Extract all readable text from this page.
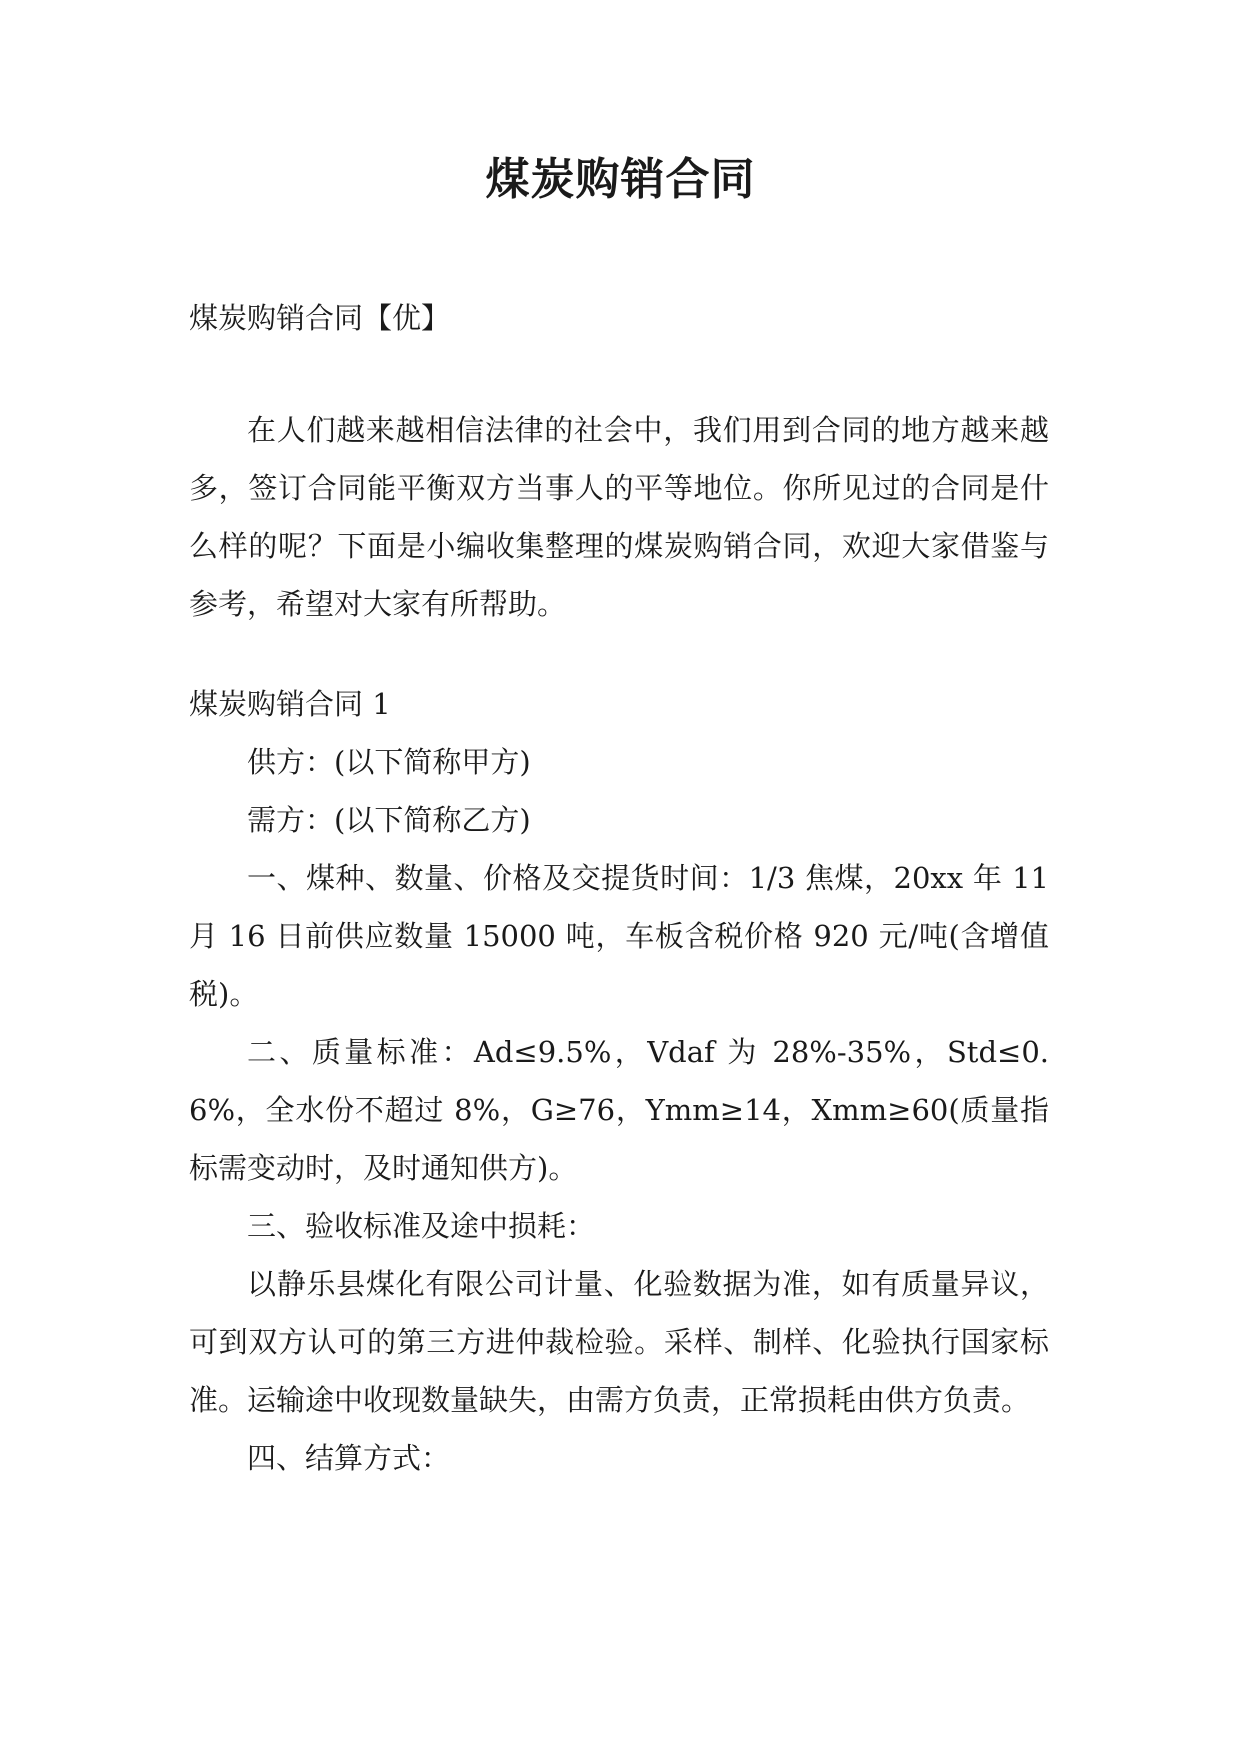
煤炭购销合同

煤炭购销合同【优】

在人们越来越相信法律的社会中，我们用到合同的地方越来越多，签订合同能平衡双方当事人的平等地位。你所见过的合同是什么样的呢？下面是小编收集整理的煤炭购销合同，欢迎大家借鉴与参考，希望对大家有所帮助。

煤炭购销合同 1

供方：(以下简称甲方)

需方：(以下简称乙方)

一、煤种、数量、价格及交提货时间：1/3 焦煤，20xx 年 11 月 16 日前供应数量 15000 吨，车板含税价格 920 元/吨(含增值税)。

二、质量标准：Ad≤9.5%，Vdaf 为 28%-35%，Std≤0.6%，全水份不超过 8%，G≥76，Ymm≥14，Xmm≥60(质量指标需变动时，及时通知供方)。

三、验收标准及途中损耗：

以静乐县煤化有限公司计量、化验数据为准，如有质量异议，可到双方认可的第三方进仲裁检验。采样、制样、化验执行国家标准。运输途中收现数量缺失，由需方负责，正常损耗由供方负责。

四、结算方式：
